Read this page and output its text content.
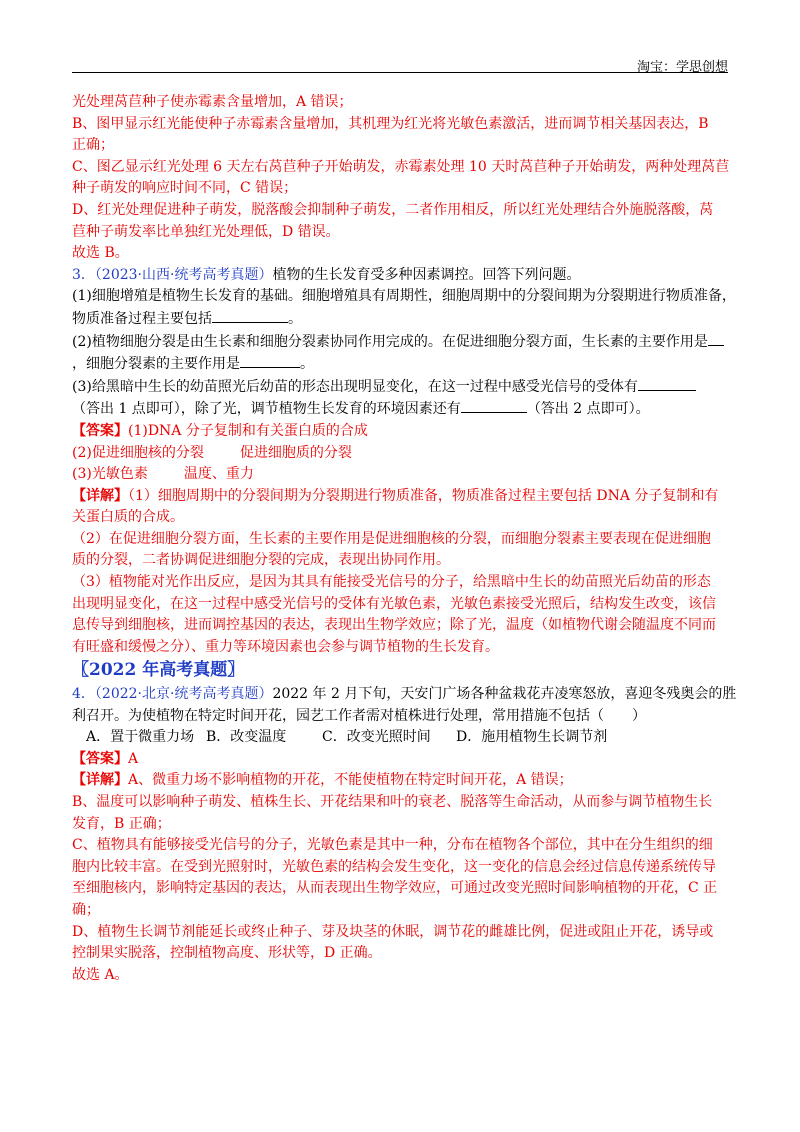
淘宝：学思创想

光处理莴苣种子使赤霉素含量增加，A 错误；

B、图甲显示红光能使种子赤霉素含量增加，其机理为红光将光敏色素激活，进而调节相关基因表达，B

正确；

C、图乙显示红光处理 6 天左右莴苣种子开始萌发，赤霉素处理 10 天时莴苣种子开始萌发，两种处理莴苣

种子萌发的响应时间不同，C 错误；

D、红光处理促进种子萌发，脱落酸会抑制种子萌发，二者作用相反，所以红光处理结合外施脱落酸，莴

苣种子萌发率比单独红光处理低，D 错误。

故选 B。

3．（2023·山西·统考高考真题）植物的生长发育受多种因素调控。回答下列问题。

(1)细胞增殖是植物生长发育的基础。细胞增殖具有周期性，细胞周期中的分裂间期为分裂期进行物质准备，

物质准备过程主要包括	。

(2)植物细胞分裂是由生长素和细胞分裂素协同作用完成的。在促进细胞分裂方面，生长素的主要作用是

，细胞分裂素的主要作用是	。

(3)给黑暗中生长的幼苗照光后幼苗的形态出现明显变化，在这一过程中感受光信号的受体有

（答出 1 点即可），除了光，调节植物生长发育的环境因素还有	（答出 2 点即可）。

【答案】(1)DNA 分子复制和有关蛋白质的合成

(2)促进细胞核的分裂	促进细胞质的分裂

(3)光敏色素	温度、重力

【详解】（1）细胞周期中的分裂间期为分裂期进行物质准备，物质准备过程主要包括 DNA 分子复制和有

关蛋白质的合成。

（2）在促进细胞分裂方面，生长素的主要作用是促进细胞核的分裂，而细胞分裂素主要表现在促进细胞

质的分裂，二者协调促进细胞分裂的完成，表现出协同作用。

（3）植物能对光作出反应，是因为其具有能接受光信号的分子，给黑暗中生长的幼苗照光后幼苗的形态

出现明显变化，在这一过程中感受光信号的受体有光敏色素，光敏色素接受光照后，结构发生改变，该信

息传导到细胞核，进而调控基因的表达，表现出生物学效应；除了光，温度（如植物代谢会随温度不同而

有旺盛和缓慢之分）、重力等环境因素也会参与调节植物的生长发育。

〖2022 年高考真题〗

4．（2022·北京·统考高考真题）2022 年 2 月下旬，天安门广场各种盆栽花卉凌寒怒放，喜迎冬残奥会的胜

利召开。为使植物在特定时间开花，园艺工作者需对植株进行处理，常用措施不包括（　　）

A．置于微重力场 B．改变温度	C．改变光照时间 D．施用植物生长调节剂

【答案】A

【详解】A、微重力场不影响植物的开花，不能使植物在特定时间开花，A 错误；

B、温度可以影响种子萌发、植株生长、开花结果和叶的衰老、脱落等生命活动，从而参与调节植物生长

发育，B 正确；

C、植物具有能够接受光信号的分子，光敏色素是其中一种，分布在植物各个部位，其中在分生组织的细

胞内比较丰富。在受到光照射时，光敏色素的结构会发生变化，这一变化的信息会经过信息传递系统传导

至细胞核内，影响特定基因的表达，从而表现出生物学效应，可通过改变光照时间影响植物的开花，C 正

确；

D、植物生长调节剂能延长或终止种子、芽及块茎的休眠，调节花的雌雄比例，促进或阻止开花，诱导或

控制果实脱落，控制植物高度、形状等，D 正确。

故选 A。
